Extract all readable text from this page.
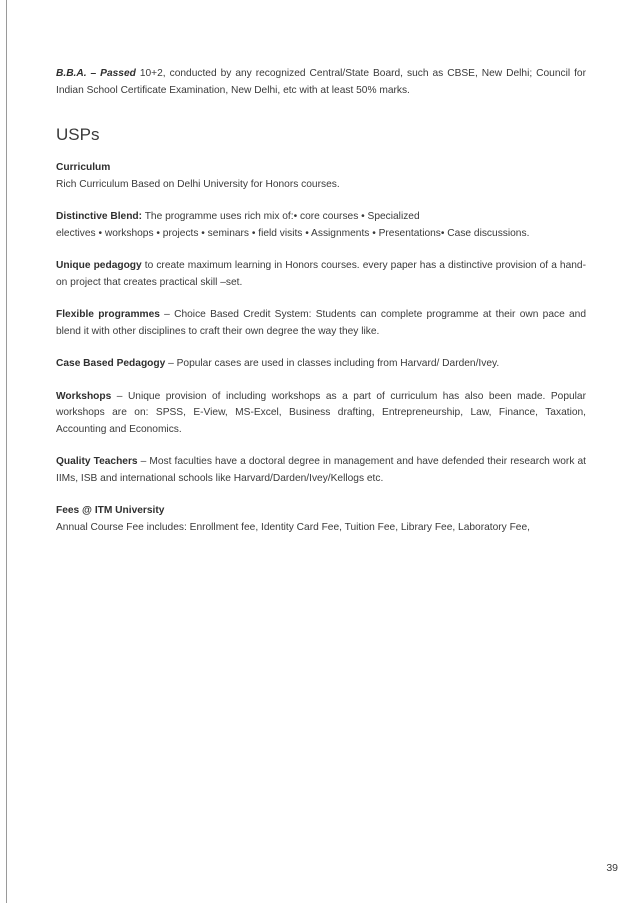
B.B.A. – Passed 10+2, conducted by any recognized Central/State Board, such as CBSE, New Delhi; Council for Indian School Certificate Examination, New Delhi, etc with at least 50% marks.

USPs

Curriculum

Rich Curriculum Based on Delhi University for Honors courses.

Distinctive Blend: The programme uses rich mix of:• core courses • Specialized

electives • workshops • projects • seminars • field visits • Assignments • Presentations• Case discussions.

Unique pedagogy to create maximum learning in Honors courses. every paper has a distinctive provision of a hand-on project that creates practical skill –set.

Flexible programmes – Choice Based Credit System: Students can complete programme at their own pace and blend it with other disciplines to craft their own degree the way they like.

Case Based Pedagogy – Popular cases are used in classes including from Harvard/ Darden/Ivey.

Workshops – Unique provision of including workshops as a part of curriculum has also been made. Popular workshops are on: SPSS, E-View, MS-Excel, Business drafting, Entrepreneurship, Law, Finance, Taxation, Accounting and Economics.

Quality Teachers – Most faculties have a doctoral degree in management and have defended their research work at IIMs, ISB and international schools like Harvard/Darden/Ivey/Kellogs etc.

Fees @ ITM University

Annual Course Fee includes: Enrollment fee, Identity Card Fee, Tuition Fee, Library Fee, Laboratory Fee,

39
